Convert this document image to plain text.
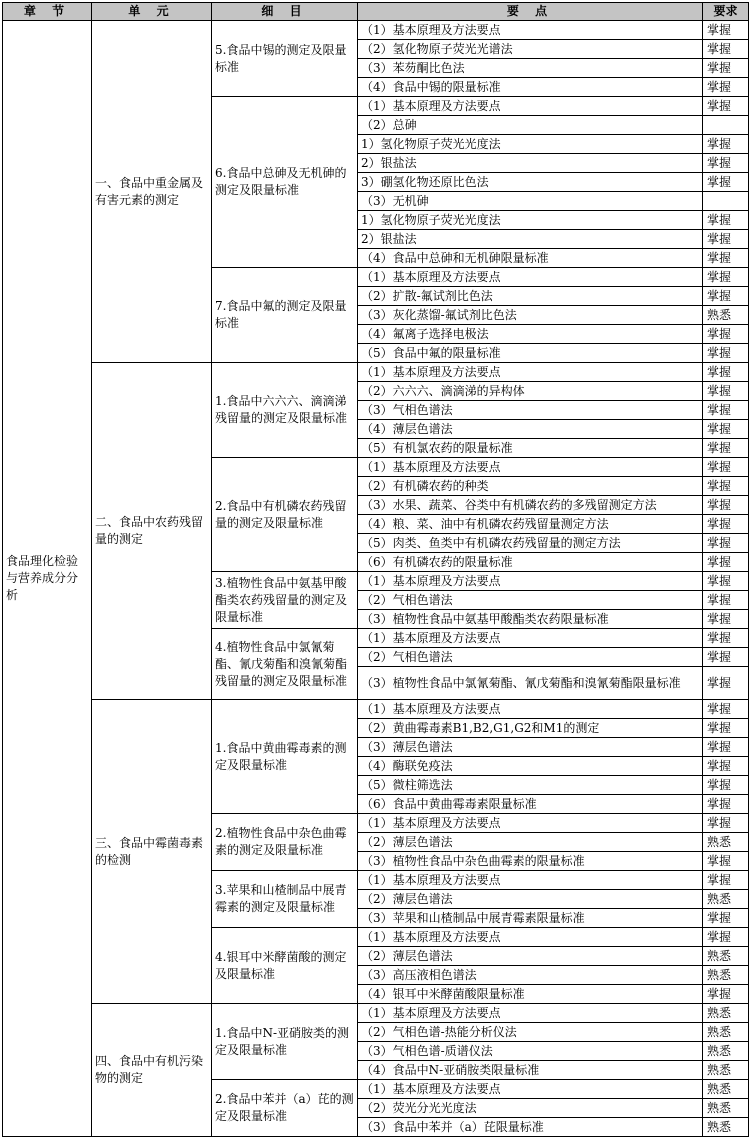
章 节	单 元	细 目	要 点	要求
食品理化检验与营养成分分析	一、食品中重金属及有害元素的测定	5.食品中锡的测定及限量标准	（1）基本原理及方法要点	掌握
			（2）氢化物原子荧光光谱法	掌握
			（3）苯芴酮比色法	掌握
			（4）食品中锡的限量标准	掌握
		6.食品中总砷及无机砷的测定及限量标准	（1）基本原理及方法要点	掌握
			（2）总砷	
			1）氢化物原子荧光光度法	掌握
			2）银盐法	掌握
			3）硼氢化物还原比色法	掌握
			（3）无机砷	
			1）氢化物原子荧光光度法	掌握
			2）银盐法	掌握
			（4）食品中总砷和无机砷限量标准	掌握
		7.食品中氟的测定及限量标准	（1）基本原理及方法要点	掌握
			（2）扩散-氟试剂比色法	掌握
			（3）灰化蒸馏-氟试剂比色法	熟悉
			（4）氟离子选择电极法	掌握
			（5）食品中氟的限量标准	掌握
	二、食品中农药残留量的测定	1.食品中六六六、滴滴涕残留量的测定及限量标准	（1）基本原理及方法要点	掌握
			（2）六六六、滴滴涕的异构体	掌握
			（3）气相色谱法	掌握
			（4）薄层色谱法	掌握
			（5）有机氯农药的限量标准	掌握
		2.食品中有机磷农药残留量的测定及限量标准	（1）基本原理及方法要点	掌握
			（2）有机磷农药的种类	掌握
			（3）水果、蔬菜、谷类中有机磷农药的多残留测定方法	掌握
			（4）粮、菜、油中有机磷农药残留量测定方法	掌握
			（5）肉类、鱼类中有机磷农药残留量的测定方法	掌握
			（6）有机磷农药的限量标准	掌握
		3.植物性食品中氨基甲酸酯类农药残留量的测定及限量标准	（1）基本原理及方法要点	掌握
			（2）气相色谱法	掌握
			（3）植物性食品中氨基甲酸酯类农药限量标准	掌握
		4.植物性食品中氯氰菊酯、氰戊菊酯和溴氰菊酯残留量的测定及限量标准	（1）基本原理及方法要点	掌握
			（2）气相色谱法	掌握
			（3）植物性食品中氯氰菊酯、氰戊菊酯和溴氰菊酯限量标准	掌握
	三、食品中霉菌毒素的检测	1.食品中黄曲霉毒素的测定及限量标准	（1）基本原理及方法要点	掌握
			（2）黄曲霉毒素B1,B2,G1,G2和M1的测定	掌握
			（3）薄层色谱法	掌握
			（4）酶联免疫法	掌握
			（5）微柱筛选法	掌握
			（6）食品中黄曲霉毒素限量标准	掌握
		2.植物性食品中杂色曲霉素的测定及限量标准	（1）基本原理及方法要点	掌握
			（2）薄层色谱法	熟悉
			（3）植物性食品中杂色曲霉素的限量标准	掌握
		3.苹果和山楂制品中展青霉素的测定及限量标准	（1）基本原理及方法要点	掌握
			（2）薄层色谱法	熟悉
			（3）苹果和山楂制品中展青霉素限量标准	掌握
		4.银耳中米酵菌酸的测定及限量标准	（1）基本原理及方法要点	掌握
			（2）薄层色谱法	熟悉
			（3）高压液相色谱法	熟悉
			（4）银耳中米酵菌酸限量标准	掌握
	四、食品中有机污染物的测定	1.食品中N-亚硝胺类的测定及限量标准	（1）基本原理及方法要点	熟悉
			（2）气相色谱-热能分析仪法	熟悉
			（3）气相色谱-质谱仪法	熟悉
			（4）食品中N-亚硝胺类限量标准	熟悉
		2.食品中苯并（a）芘的测定及限量标准	（1）基本原理及方法要点	熟悉
			（2）荧光分光光度法	熟悉
			（3）食品中苯并（a）芘限量标准	熟悉
